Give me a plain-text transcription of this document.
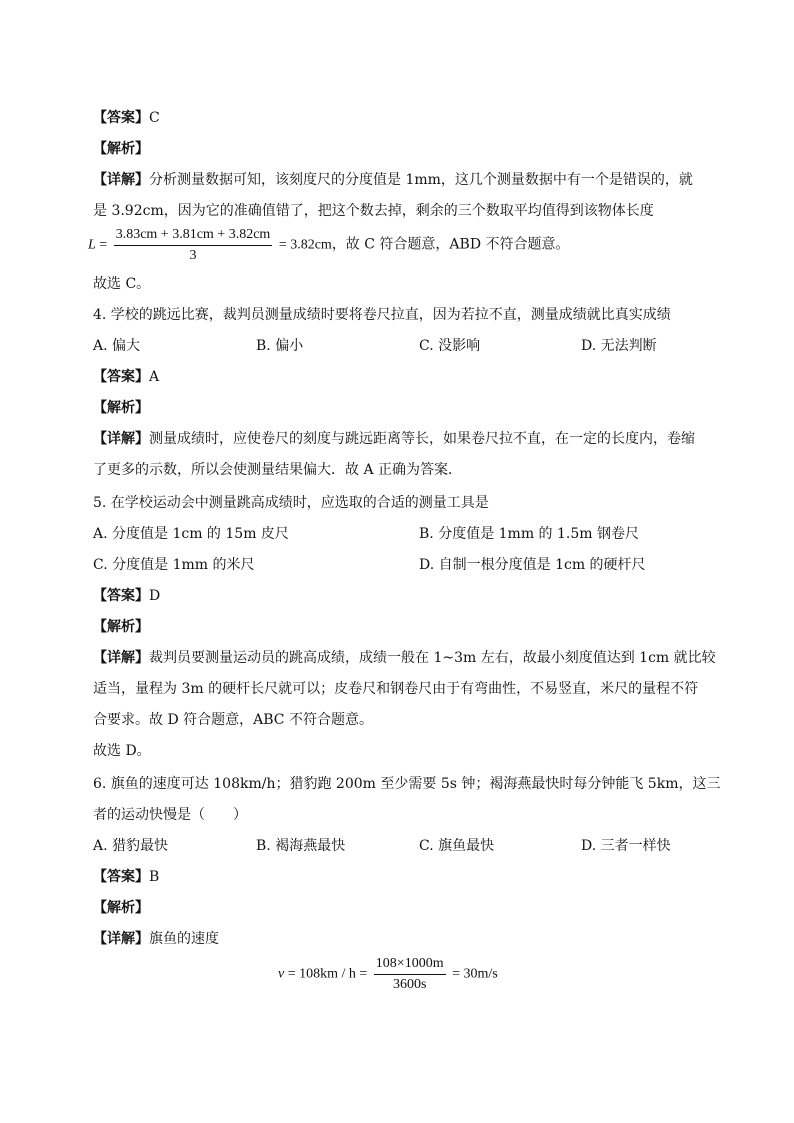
【答案】C
【解析】
【详解】分析测量数据可知，该刻度尺的分度值是 1mm，这几个测量数据中有一个是错误的，就
是 3.92cm，因为它的准确值错了，把这个数去掉，剩余的三个数取平均值得到该物体长度
$L = \frac{3.83cm + 3.81cm + 3.82cm}{3} = 3.82cm$，故 C 符合题意，ABD 不符合题意。
故选 C。
4. 学校的跳远比赛，裁判员测量成绩时要将卷尺拉直，因为若拉不直，测量成绩就比真实成绩
A. 偏大	B. 偏小	C. 没影响	D. 无法判断
【答案】A
【解析】
【详解】测量成绩时，应使卷尺的刻度与跳远距离等长，如果卷尺拉不直，在一定的长度内，卷缩
了更多的示数，所以会使测量结果偏大．故 A 正确为答案．
5. 在学校运动会中测量跳高成绩时，应选取的合适的测量工具是
A. 分度值是 1cm 的 15m 皮尺	B. 分度值是 1mm 的 1.5m 钢卷尺
C. 分度值是 1mm 的米尺	D. 自制一根分度值是 1cm 的硬杆尺
【答案】D
【解析】
【详解】裁判员要测量运动员的跳高成绩，成绩一般在 1~3m 左右，故最小刻度值达到 1cm 就比较
适当，量程为 3m 的硬杆长尺就可以；皮卷尺和钢卷尺由于有弯曲性，不易竖直，米尺的量程不符
合要求。故 D 符合题意，ABC 不符合题意。
故选 D。
6. 旗鱼的速度可达 108km/h；猎豹跑 200m 至少需要 5s 钟；褐海燕最快时每分钟能飞 5km，这三
者的运动快慢是（　　）
A. 猎豹最快	B. 褐海燕最快	C. 旗鱼最快	D. 三者一样快
【答案】B
【解析】
【详解】旗鱼的速度
$v = 108km / h = \frac{108\times 1000m}{3600s} = 30m/s$
